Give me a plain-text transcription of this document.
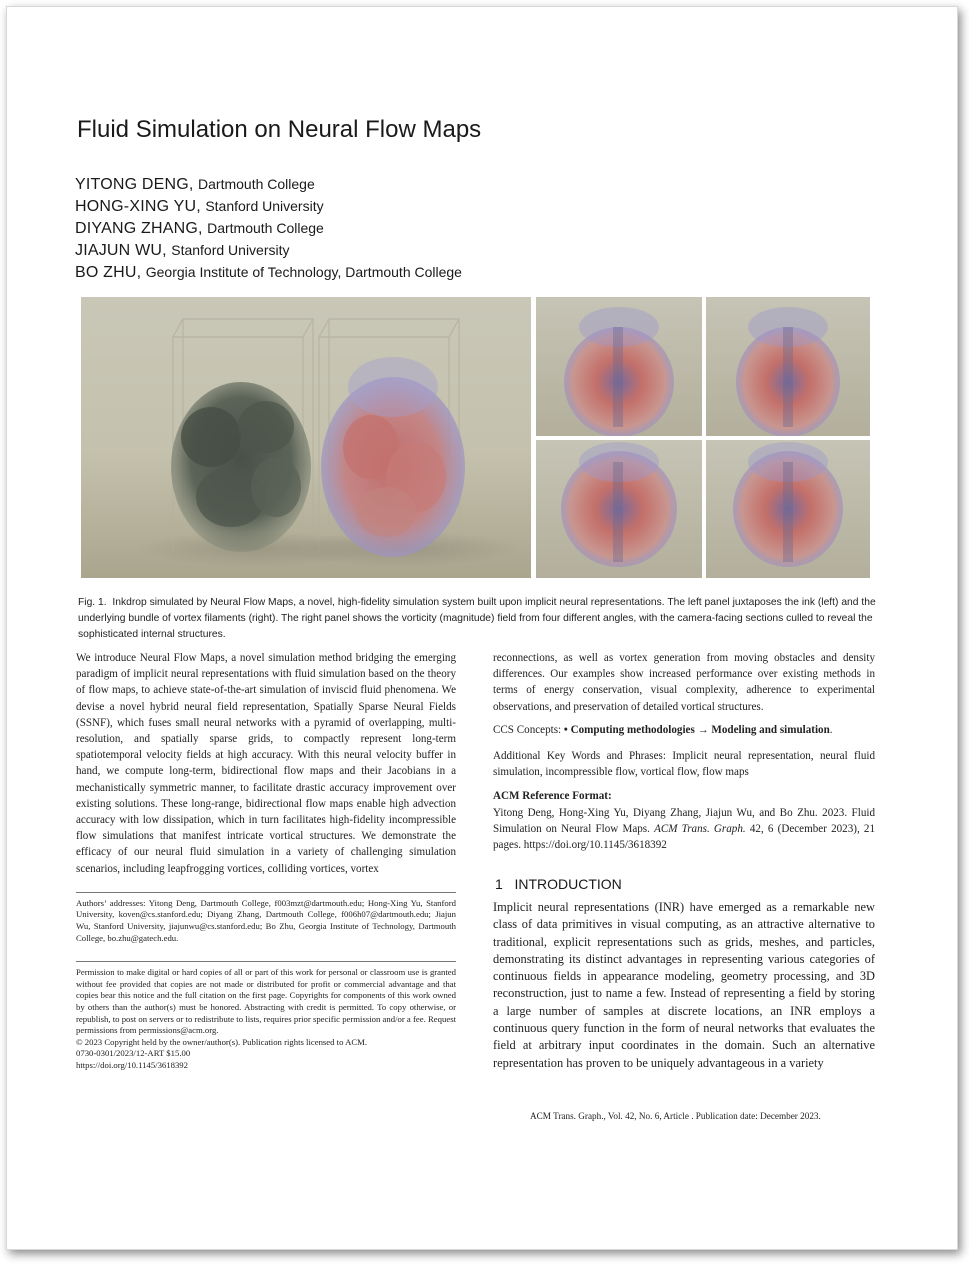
Fluid Simulation on Neural Flow Maps
YITONG DENG, Dartmouth College
HONG-XING YU, Stanford University
DIYANG ZHANG, Dartmouth College
JIAJUN WU, Stanford University
BO ZHU, Georgia Institute of Technology, Dartmouth College
Fig. 1. Inkdrop simulated by Neural Flow Maps, a novel, high-fidelity simulation system built upon implicit neural representations. The left panel juxtaposes the ink (left) and the underlying bundle of vortex filaments (right). The right panel shows the vorticity (magnitude) field from four different angles, with the camera-facing sections culled to reveal the sophisticated internal structures.

We introduce Neural Flow Maps, a novel simulation method bridging the emerging paradigm of implicit neural representations with fluid simulation based on the theory of flow maps, to achieve state-of-the-art simulation of inviscid fluid phenomena. We devise a novel hybrid neural field representation, Spatially Sparse Neural Fields (SSNF), which fuses small neural networks with a pyramid of overlapping, multi-resolution, and spatially sparse grids, to compactly represent long-term spatiotemporal velocity fields at high accuracy. With this neural velocity buffer in hand, we compute long-term, bidirectional flow maps and their Jacobians in a mechanistically symmetric manner, to facilitate drastic accuracy improvement over existing solutions. These long-range, bidirectional flow maps enable high advection accuracy with low dissipation, which in turn facilitates high-fidelity incompressible flow simulations that manifest intricate vortical structures. We demonstrate the efficacy of our neural fluid simulation in a variety of challenging simulation scenarios, including leapfrogging vortices, colliding vortices, vortex

Authors’ addresses: Yitong Deng, Dartmouth College, f003mzt@dartmouth.edu; Hong-Xing Yu, Stanford University, koven@cs.stanford.edu; Diyang Zhang, Dartmouth College, f006h07@dartmouth.edu; Jiajun Wu, Stanford University, jiajunwu@cs.stanford.edu; Bo Zhu, Georgia Institute of Technology, Dartmouth College, bo.zhu@gatech.edu.

Permission to make digital or hard copies of all or part of this work for personal or classroom use is granted without fee provided that copies are not made or distributed for profit or commercial advantage and that copies bear this notice and the full citation on the first page. Copyrights for components of this work owned by others than the author(s) must be honored. Abstracting with credit is permitted. To copy otherwise, or republish, to post on servers or to redistribute to lists, requires prior specific permission and/or a fee. Request permissions from permissions@acm.org.

© 2023 Copyright held by the owner/author(s). Publication rights licensed to ACM.

0730-0301/2023/12-ART $15.00

https://doi.org/10.1145/3618392

reconnections, as well as vortex generation from moving obstacles and density differences. Our examples show increased performance over existing methods in terms of energy conservation, visual complexity, adherence to experimental observations, and preservation of detailed vortical structures.

CCS Concepts: • Computing methodologies → Modeling and simulation.

Additional Key Words and Phrases: Implicit neural representation, neural fluid simulation, incompressible flow, vortical flow, flow maps

ACM Reference Format:

Yitong Deng, Hong-Xing Yu, Diyang Zhang, Jiajun Wu, and Bo Zhu. 2023. Fluid Simulation on Neural Flow Maps. ACM Trans. Graph. 42, 6 (December 2023), 21 pages. https://doi.org/10.1145/3618392

1 INTRODUCTION

Implicit neural representations (INR) have emerged as a remarkable new class of data primitives in visual computing, as an attractive alternative to traditional, explicit representations such as grids, meshes, and particles, demonstrating its distinct advantages in representing various categories of continuous fields in appearance modeling, geometry processing, and 3D reconstruction, just to name a few. Instead of representing a field by storing a large number of samples at discrete locations, an INR employs a continuous query function in the form of neural networks that evaluates the field at arbitrary input coordinates in the domain. Such an alternative representation has proven to be uniquely advantageous in a variety

ACM Trans. Graph., Vol. 42, No. 6, Article . Publication date: December 2023.
